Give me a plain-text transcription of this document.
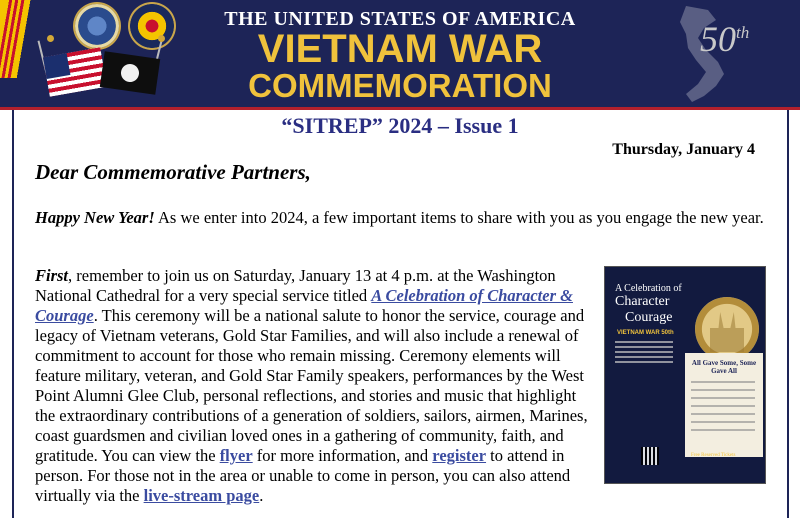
THE UNITED STATES OF AMERICA
VIETNAM WAR
COMMEMORATION
50th
“SITREP” 2024 – Issue 1
Thursday, January 4
Dear Commemorative Partners,
Happy New Year! As we enter into 2024, a few important items to share with you as you engage the new year.
First, remember to join us on Saturday, January 13 at 4 p.m. at the Washington National Cathedral for a very special service titled A Celebration of Character & Courage. This ceremony will be a national salute to honor the service, courage and legacy of Vietnam veterans, Gold Star Families, and will also include a renewal of commitment to account for those who remain missing. Ceremony elements will feature military, veteran, and Gold Star Family speakers, performances by the West Point Alumni Glee Club, personal reflections, and stories and music that highlight the extraordinary contributions of a generation of soldiers, sailors, airmen, Marines, coast guardsmen and civilian loved ones in a gathering of community, faith, and gratitude. You can view the flyer for more information, and register to attend in person. For those not in the area or unable to come in person, you can also attend virtually via the live-stream page.
A Celebration of
Character
Courage
VIETNAM WAR 50th
All Gave Some, Some Gave All
Free Reserved Tickets
